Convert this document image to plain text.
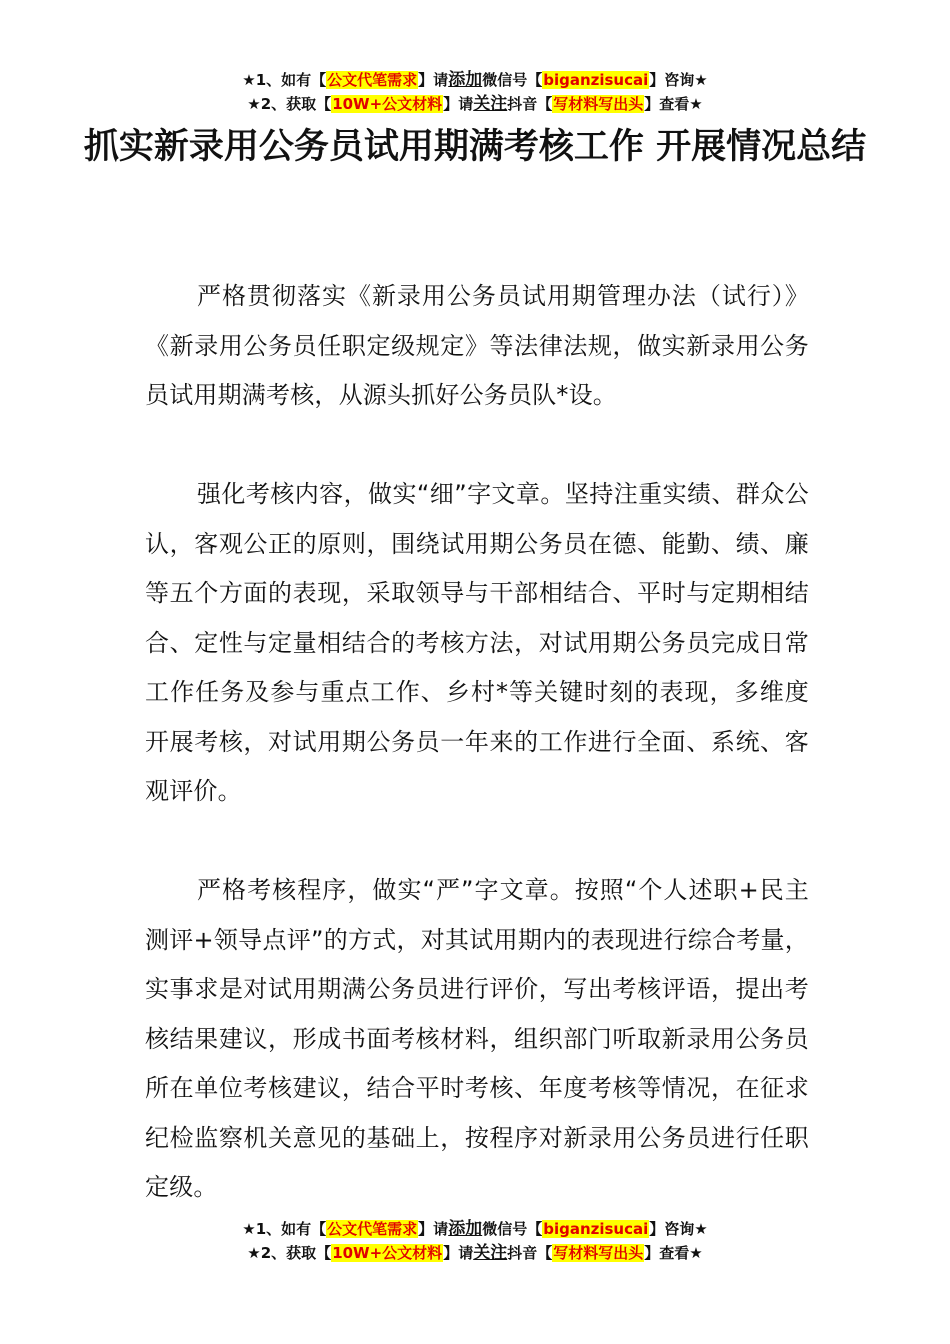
★1、如有【公文代笔需求】请添加微信号【biganzisucai】咨询★
★2、获取【10W+公文材料】请关注抖音【写材料写出头】查看★
抓实新录用公务员试用期满考核工作 开展情况总结

严格贯彻落实《新录用公务员试用期管理办法（试行）》《新录用公务员任职定级规定》等法律法规，做实新录用公务员试用期满考核，从源头抓好公务员队*设。

强化考核内容，做实“细”字文章。坚持注重实绩、群众公认，客观公正的原则，围绕试用期公务员在德、能勤、绩、廉等五个方面的表现，采取领导与干部相结合、平时与定期相结合、定性与定量相结合的考核方法，对试用期公务员完成日常工作任务及参与重点工作、乡村*等关键时刻的表现，多维度开展考核，对试用期公务员一年来的工作进行全面、系统、客观评价。

严格考核程序，做实“严”字文章。按照“个人述职+民主测评+领导点评”的方式，对其试用期内的表现进行综合考量，实事求是对试用期满公务员进行评价，写出考核评语，提出考核结果建议，形成书面考核材料，组织部门听取新录用公务员所在单位考核建议，结合平时考核、年度考核等情况，在征求纪检监察机关意见的基础上，按程序对新录用公务员进行任职定级。

★1、如有【公文代笔需求】请添加微信号【biganzisucai】咨询★
★2、获取【10W+公文材料】请关注抖音【写材料写出头】查看★
